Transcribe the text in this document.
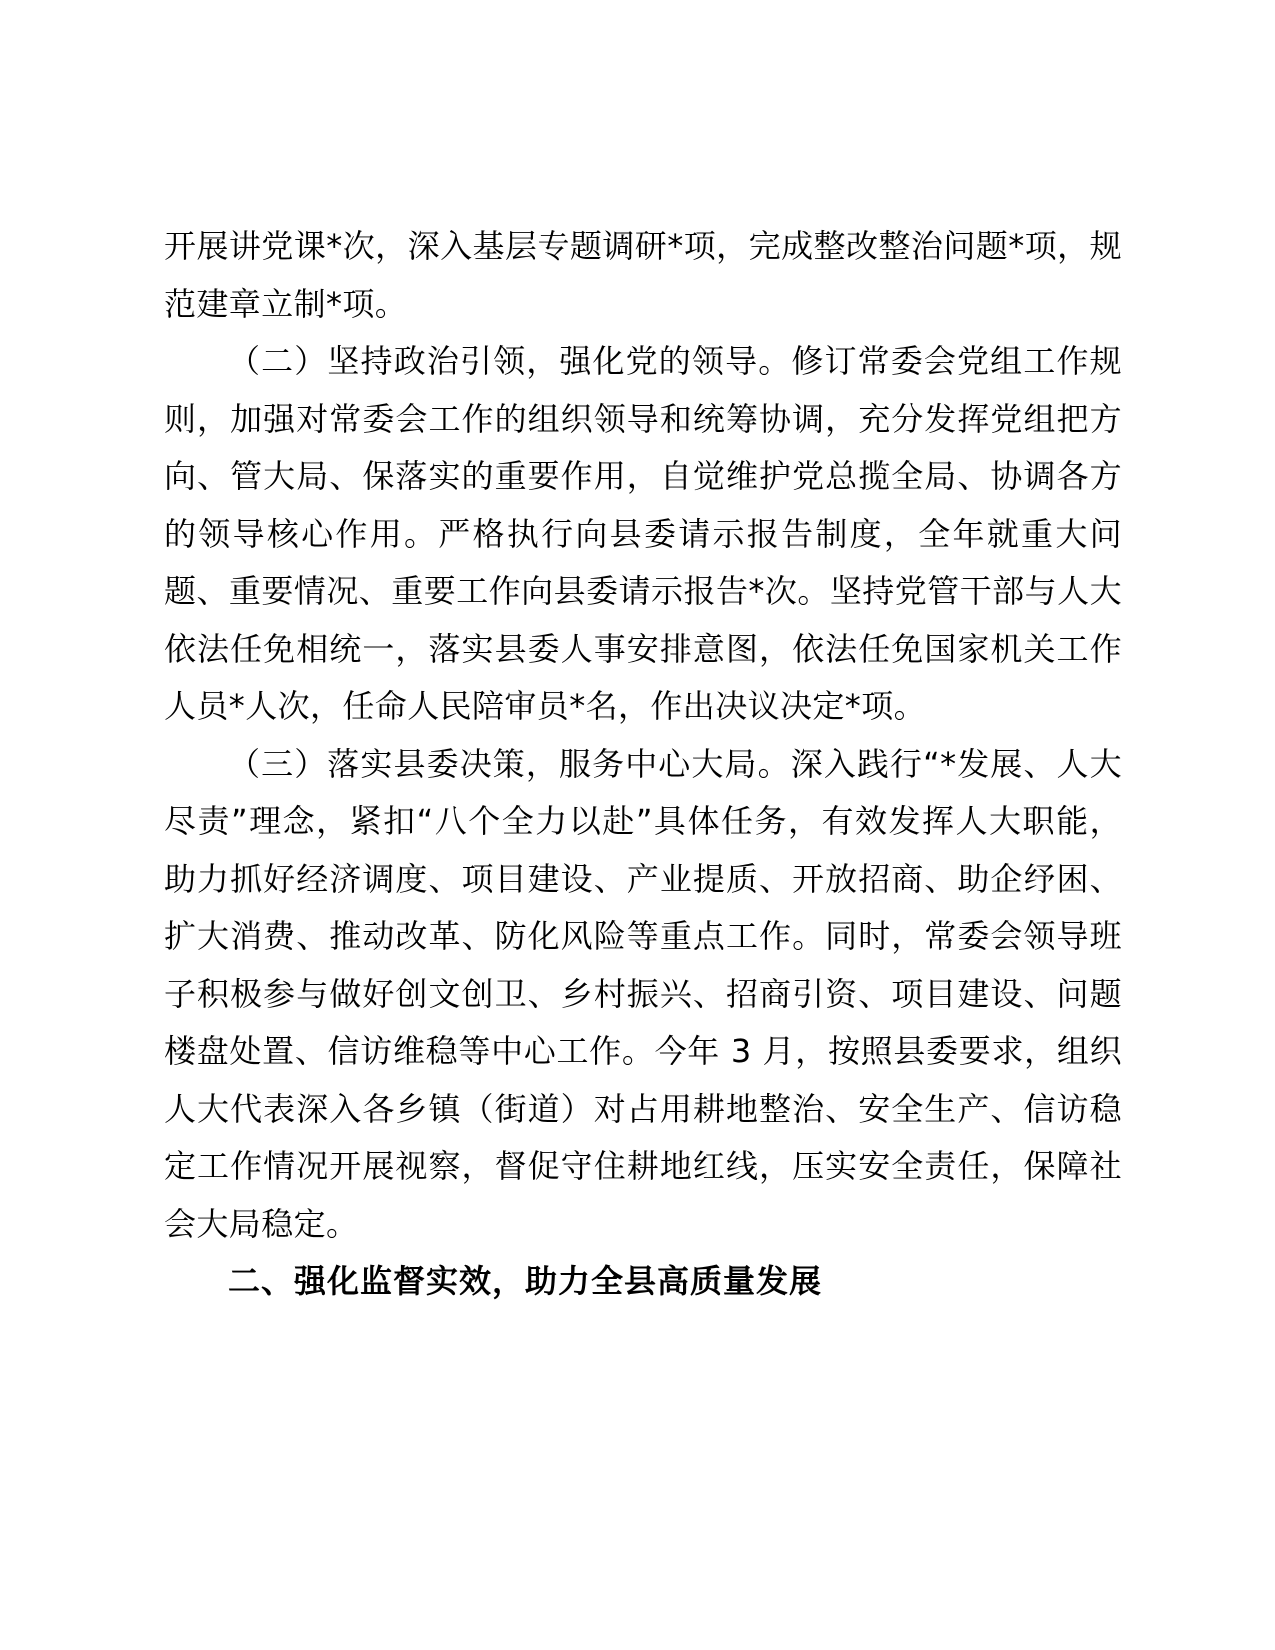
开展讲党课*次，深入基层专题调研*项，完成整改整治问题*项，规范建章立制*项。

（二）坚持政治引领，强化党的领导。修订常委会党组工作规则，加强对常委会工作的组织领导和统筹协调，充分发挥党组把方向、管大局、保落实的重要作用，自觉维护党总揽全局、协调各方的领导核心作用。严格执行向县委请示报告制度，全年就重大问题、重要情况、重要工作向县委请示报告*次。坚持党管干部与人大依法任免相统一，落实县委人事安排意图，依法任免国家机关工作人员*人次，任命人民陪审员*名，作出决议决定*项。

（三）落实县委决策，服务中心大局。深入践行“*发展、人大尽责”理念，紧扣“八个全力以赴”具体任务，有效发挥人大职能，助力抓好经济调度、项目建设、产业提质、开放招商、助企纾困、扩大消费、推动改革、防化风险等重点工作。同时，常委会领导班子积极参与做好创文创卫、乡村振兴、招商引资、项目建设、问题楼盘处置、信访维稳等中心工作。今年 3 月，按照县委要求，组织人大代表深入各乡镇（街道）对占用耕地整治、安全生产、信访稳定工作情况开展视察，督促守住耕地红线，压实安全责任，保障社会大局稳定。

二、强化监督实效，助力全县高质量发展
